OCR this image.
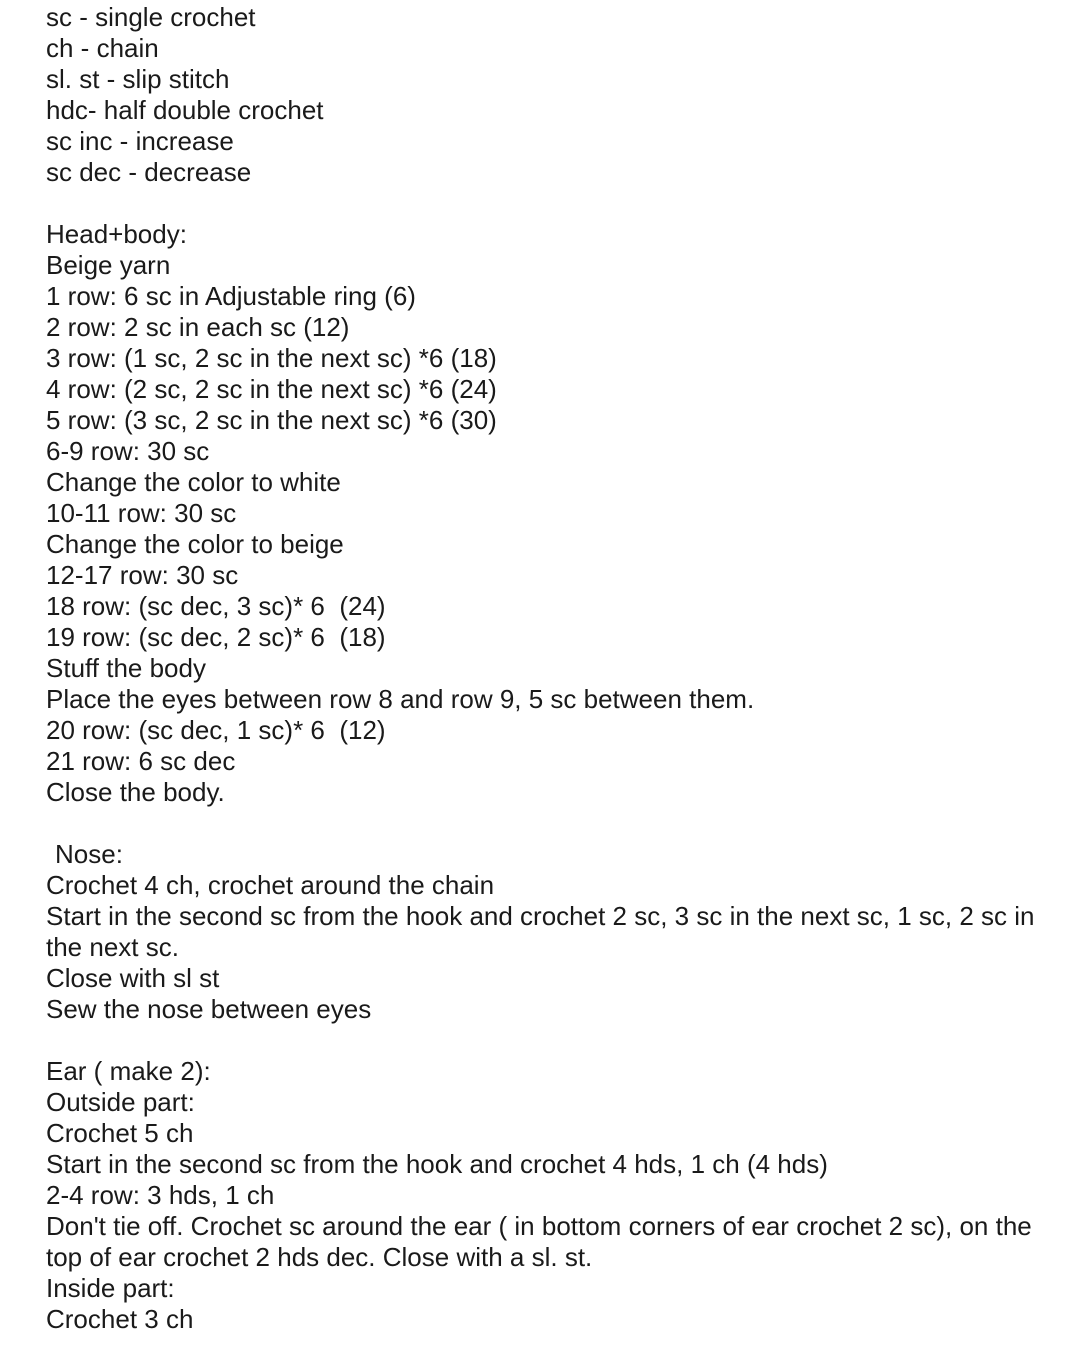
sc - single crochet
ch - chain
sl. st - slip stitch
hdc- half double crochet
sc inc - increase
sc dec - decrease
Head+body:
Beige yarn
1 row: 6 sc in Adjustable ring (6)
2 row: 2 sc in each sc (12)
3 row: (1 sc, 2 sc in the next sc) *6 (18)
4 row: (2 sc, 2 sc in the next sc) *6 (24)
5 row: (3 sc, 2 sc in the next sc) *6 (30)
6-9 row: 30 sc
Change the color to white
10-11 row: 30 sc
Change the color to beige
12-17 row: 30 sc
18 row: (sc dec, 3 sc)* 6  (24)
19 row: (sc dec, 2 sc)* 6  (18)
Stuff the body
Place the eyes between row 8 and row 9, 5 sc between them.
20 row: (sc dec, 1 sc)* 6  (12)
21 row: 6 sc dec
Close the body.
Nose:
Crochet 4 ch, crochet around the chain
Start in the second sc from the hook and crochet 2 sc, 3 sc in the next sc, 1 sc, 2 sc in
the next sc.
Close with sl st
Sew the nose between eyes
Ear ( make 2):
Outside part:
Crochet 5 ch
Start in the second sc from the hook and crochet 4 hds, 1 ch (4 hds)
2-4 row: 3 hds, 1 ch
Don't tie off. Crochet sc around the ear ( in bottom corners of ear crochet 2 sc), on the
top of ear crochet 2 hds dec. Close with a sl. st.
Inside part:
Crochet 3 ch
